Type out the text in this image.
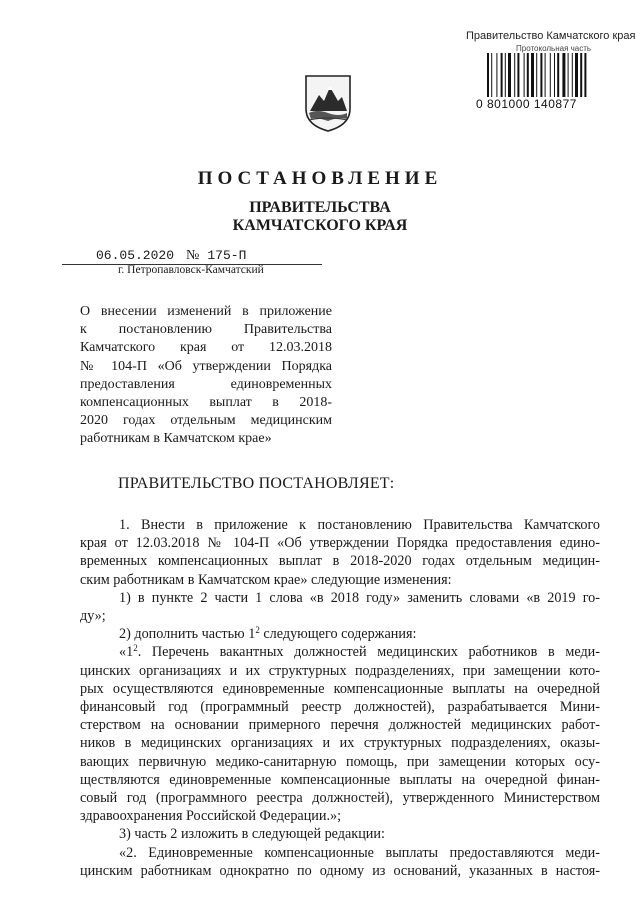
Правительство Камчатского края
Протокольная часть
0 801000 140877
ПОСТАНОВЛЕНИЕ
ПРАВИТЕЛЬСТВА
КАМЧАТСКОГО КРАЯ
06.05.2020 № 175-П
г. Петропавловск-Камчатский
О внесении изменений в приложение
к постановлению Правительства
Камчатского края от 12.03.2018
№ 104-П «Об утверждении Порядка
предоставления единовременных
компенсационных выплат в 2018-
2020 годах отдельным медицинским
работникам в Камчатском крае»
ПРАВИТЕЛЬСТВО ПОСТАНОВЛЯЕТ:
1. Внести в приложение к постановлению Правительства Камчатского
края от 12.03.2018 № 104-П «Об утверждении Порядка предоставления едино-
временных компенсационных выплат в 2018-2020 годах отдельным медицин-
ским работникам в Камчатском крае» следующие изменения:
1) в пункте 2 части 1 слова «в 2018 году» заменить словами «в 2019 го-
ду»;
2) дополнить частью $1^2$ следующего содержания:
«$1^2$. Перечень вакантных должностей медицинских работников в меди-
цинских организациях и их структурных подразделениях, при замещении кото-
рых осуществляются единовременные компенсационные выплаты на очередной
финансовый год (программный реестр должностей), разрабатывается Мини-
стерством на основании примерного перечня должностей медицинских работ-
ников в медицинских организациях и их структурных подразделениях, оказы-
вающих первичную медико-санитарную помощь, при замещении которых осу-
ществляются единовременные компенсационные выплаты на очередной финан-
совый год (программного реестра должностей), утвержденного Министерством
здравоохранения Российской Федерации.»;
3) часть 2 изложить в следующей редакции:
«2. Единовременные компенсационные выплаты предоставляются меди-
цинским работникам однократно по одному из оснований, указанных в настоя-
